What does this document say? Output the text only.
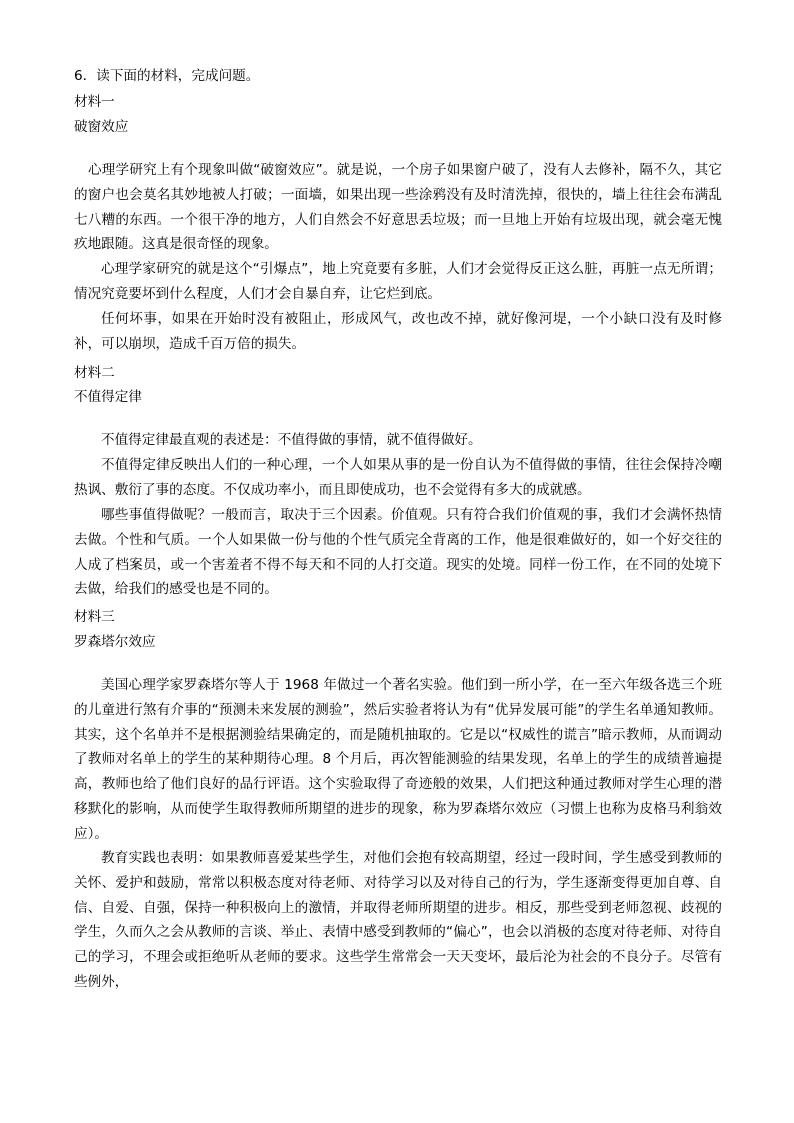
6．读下面的材料，完成问题。
材料一
破窗效应

心理学研究上有个现象叫做“破窗效应”。就是说，一个房子如果窗户破了，没有人去修补，隔不久，其它的窗户也会莫名其妙地被人打破；一面墙，如果出现一些涂鸦没有及时清洗掉，很快的，墙上往往会布满乱七八糟的东西。一个很干净的地方，人们自然会不好意思丢垃圾；而一旦地上开始有垃圾出现，就会毫无愧疚地跟随。这真是很奇怪的现象。

心理学家研究的就是这个“引爆点”，地上究竟要有多脏，人们才会觉得反正这么脏，再脏一点无所谓；情况究竟要坏到什么程度，人们才会自暴自弃，让它烂到底。

任何坏事，如果在开始时没有被阻止，形成风气，改也改不掉，就好像河堤，一个小缺口没有及时修补，可以崩坝，造成千百万倍的损失。

材料二
不值得定律

不值得定律最直观的表述是：不值得做的事情，就不值得做好。

不值得定律反映出人们的一种心理，一个人如果从事的是一份自认为不值得做的事情，往往会保持冷嘲热讽、敷衍了事的态度。不仅成功率小，而且即使成功，也不会觉得有多大的成就感。

哪些事值得做呢？一般而言，取决于三个因素。价值观。只有符合我们价值观的事，我们才会满怀热情去做。个性和气质。一个人如果做一份与他的个性气质完全背离的工作，他是很难做好的，如一个好交往的人成了档案员，或一个害羞者不得不每天和不同的人打交道。现实的处境。同样一份工作，在不同的处境下去做，给我们的感受也是不同的。

材料三
罗森塔尔效应

美国心理学家罗森塔尔等人于 1968 年做过一个著名实验。他们到一所小学，在一至六年级各选三个班的儿童进行煞有介事的“预测未来发展的测验”，然后实验者将认为有“优异发展可能”的学生名单通知教师。其实，这个名单并不是根据测验结果确定的，而是随机抽取的。它是以“权威性的谎言”暗示教师，从而调动了教师对名单上的学生的某种期待心理。8 个月后，再次智能测验的结果发现，名单上的学生的成绩普遍提高，教师也给了他们良好的品行评语。这个实验取得了奇迹般的效果，人们把这种通过教师对学生心理的潜移默化的影响，从而使学生取得教师所期望的进步的现象，称为罗森塔尔效应（习惯上也称为皮格马利翁效应）。

教育实践也表明：如果教师喜爱某些学生，对他们会抱有较高期望，经过一段时间，学生感受到教师的关怀、爱护和鼓励，常常以积极态度对待老师、对待学习以及对待自己的行为，学生逐渐变得更加自尊、自信、自爱、自强，保持一种积极向上的激情，并取得老师所期望的进步。相反，那些受到老师忽视、歧视的学生，久而久之会从教师的言谈、举止、表情中感受到教师的“偏心”，也会以消极的态度对待老师、对待自己的学习，不理会或拒绝听从老师的要求。这些学生常常会一天天变坏，最后沦为社会的不良分子。尽管有些例外，
